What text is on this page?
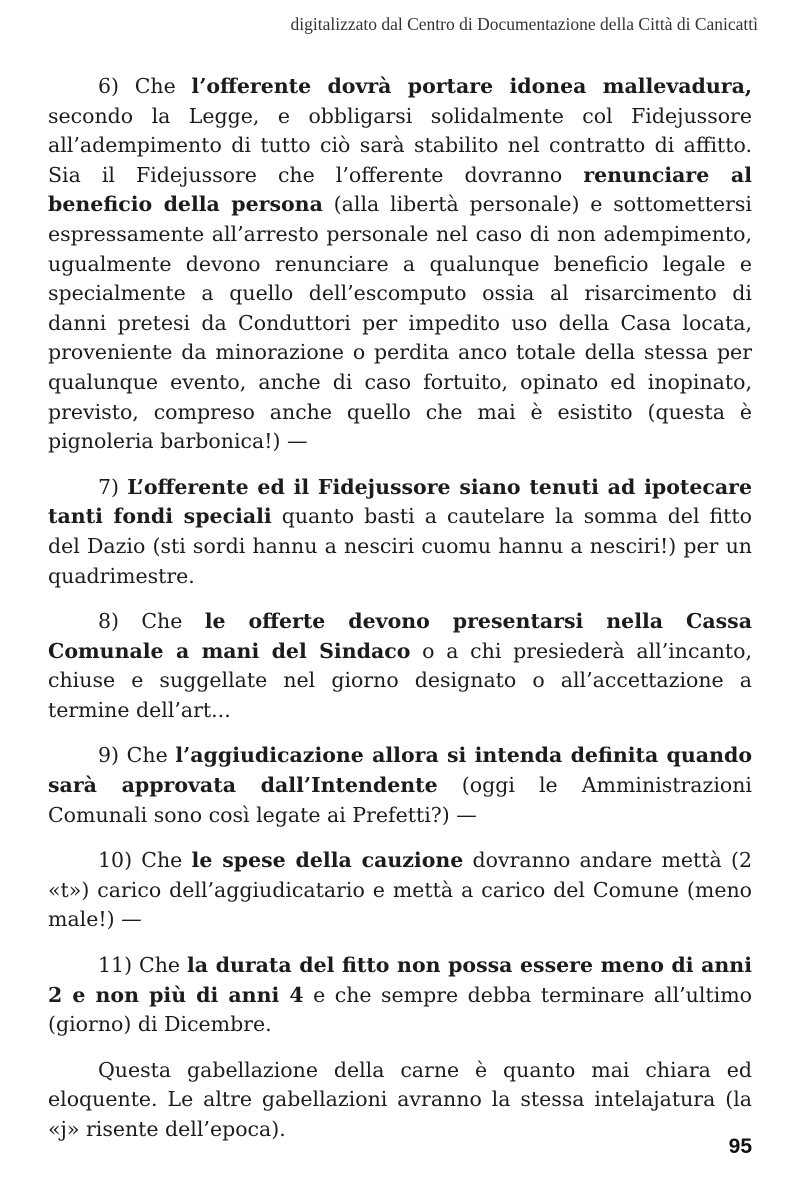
digitalizzato dal Centro di Documentazione della Città di Canicattì

6) Che l’offerente dovrà portare idonea mallevadura, secondo la Legge, e obbligarsi solidalmente col Fidejussore all’adempimento di tutto ciò sarà stabilito nel contratto di affitto. Sia il Fidejussore che l’offerente dovranno renunciare al beneficio della persona (alla libertà personale) e sottomettersi espressamente all’arresto personale nel caso di non adempimento, ugualmente devono renunciare a qualunque beneficio legale e specialmente a quello dell’escomputo ossia al risarcimento di danni pretesi da Conduttori per impedito uso della Casa locata, proveniente da minorazione o perdita anco totale della stessa per qualunque evento, anche di caso fortuito, opinato ed inopinato, previsto, compreso anche quello che mai è esistito (questa è pignoleria barbonica!) —

7) L’offerente ed il Fidejussore siano tenuti ad ipotecare tanti fondi speciali quanto basti a cautelare la somma del fitto del Dazio (sti sordi hannu a nesciri cuomu hannu a nesciri!) per un quadrimestre.

8) Che le offerte devono presentarsi nella Cassa Comunale a mani del Sindaco o a chi presiederà all’incanto, chiuse e suggellate nel giorno designato o all’accettazione a termine dell’art...

9) Che l’aggiudicazione allora si intenda definita quando sarà approvata dall’Intendente (oggi le Amministrazioni Comunali sono così legate ai Prefetti?) —

10) Che le spese della cauzione dovranno andare mettà (2 «t») carico dell’aggiudicatario e mettà a carico del Comune (meno male!) —

11) Che la durata del fitto non possa essere meno di anni 2 e non più di anni 4 e che sempre debba terminare all’ultimo (giorno) di Dicembre.

Questa gabellazione della carne è quanto mai chiara ed eloquente. Le altre gabellazioni avranno la stessa intelajatura (la «j» risente dell’epoca).

95
